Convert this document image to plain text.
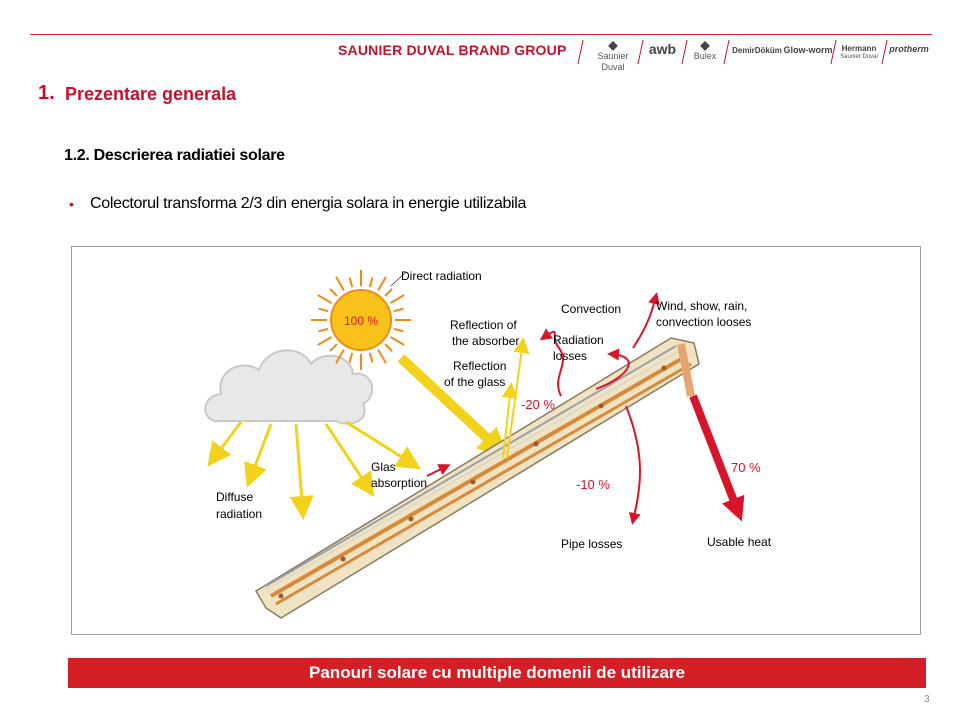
SAUNIER DUVAL BRAND GROUP	◆
Saunier Duval
awb	◆
Bulex
DemirDöküm Glow-worm	Hermann
Saunier Duval
protherm
1. Prezentare generala
1.2. Descrierea radiatiei solare
• Colectorul transforma 2/3 din energia solara in energie utilizabila
100 %
Direct radiation
Convection	Wind, show, rain,
convection looses
Reflection of
the absorber	Radiation
losses
Reflection
of the glass
Glas
absorption
Diffuse
radiation
Pipe losses	Usable heat
-20 %
70 %
-10 %
Panouri solare cu multiple domenii de utilizare
3
